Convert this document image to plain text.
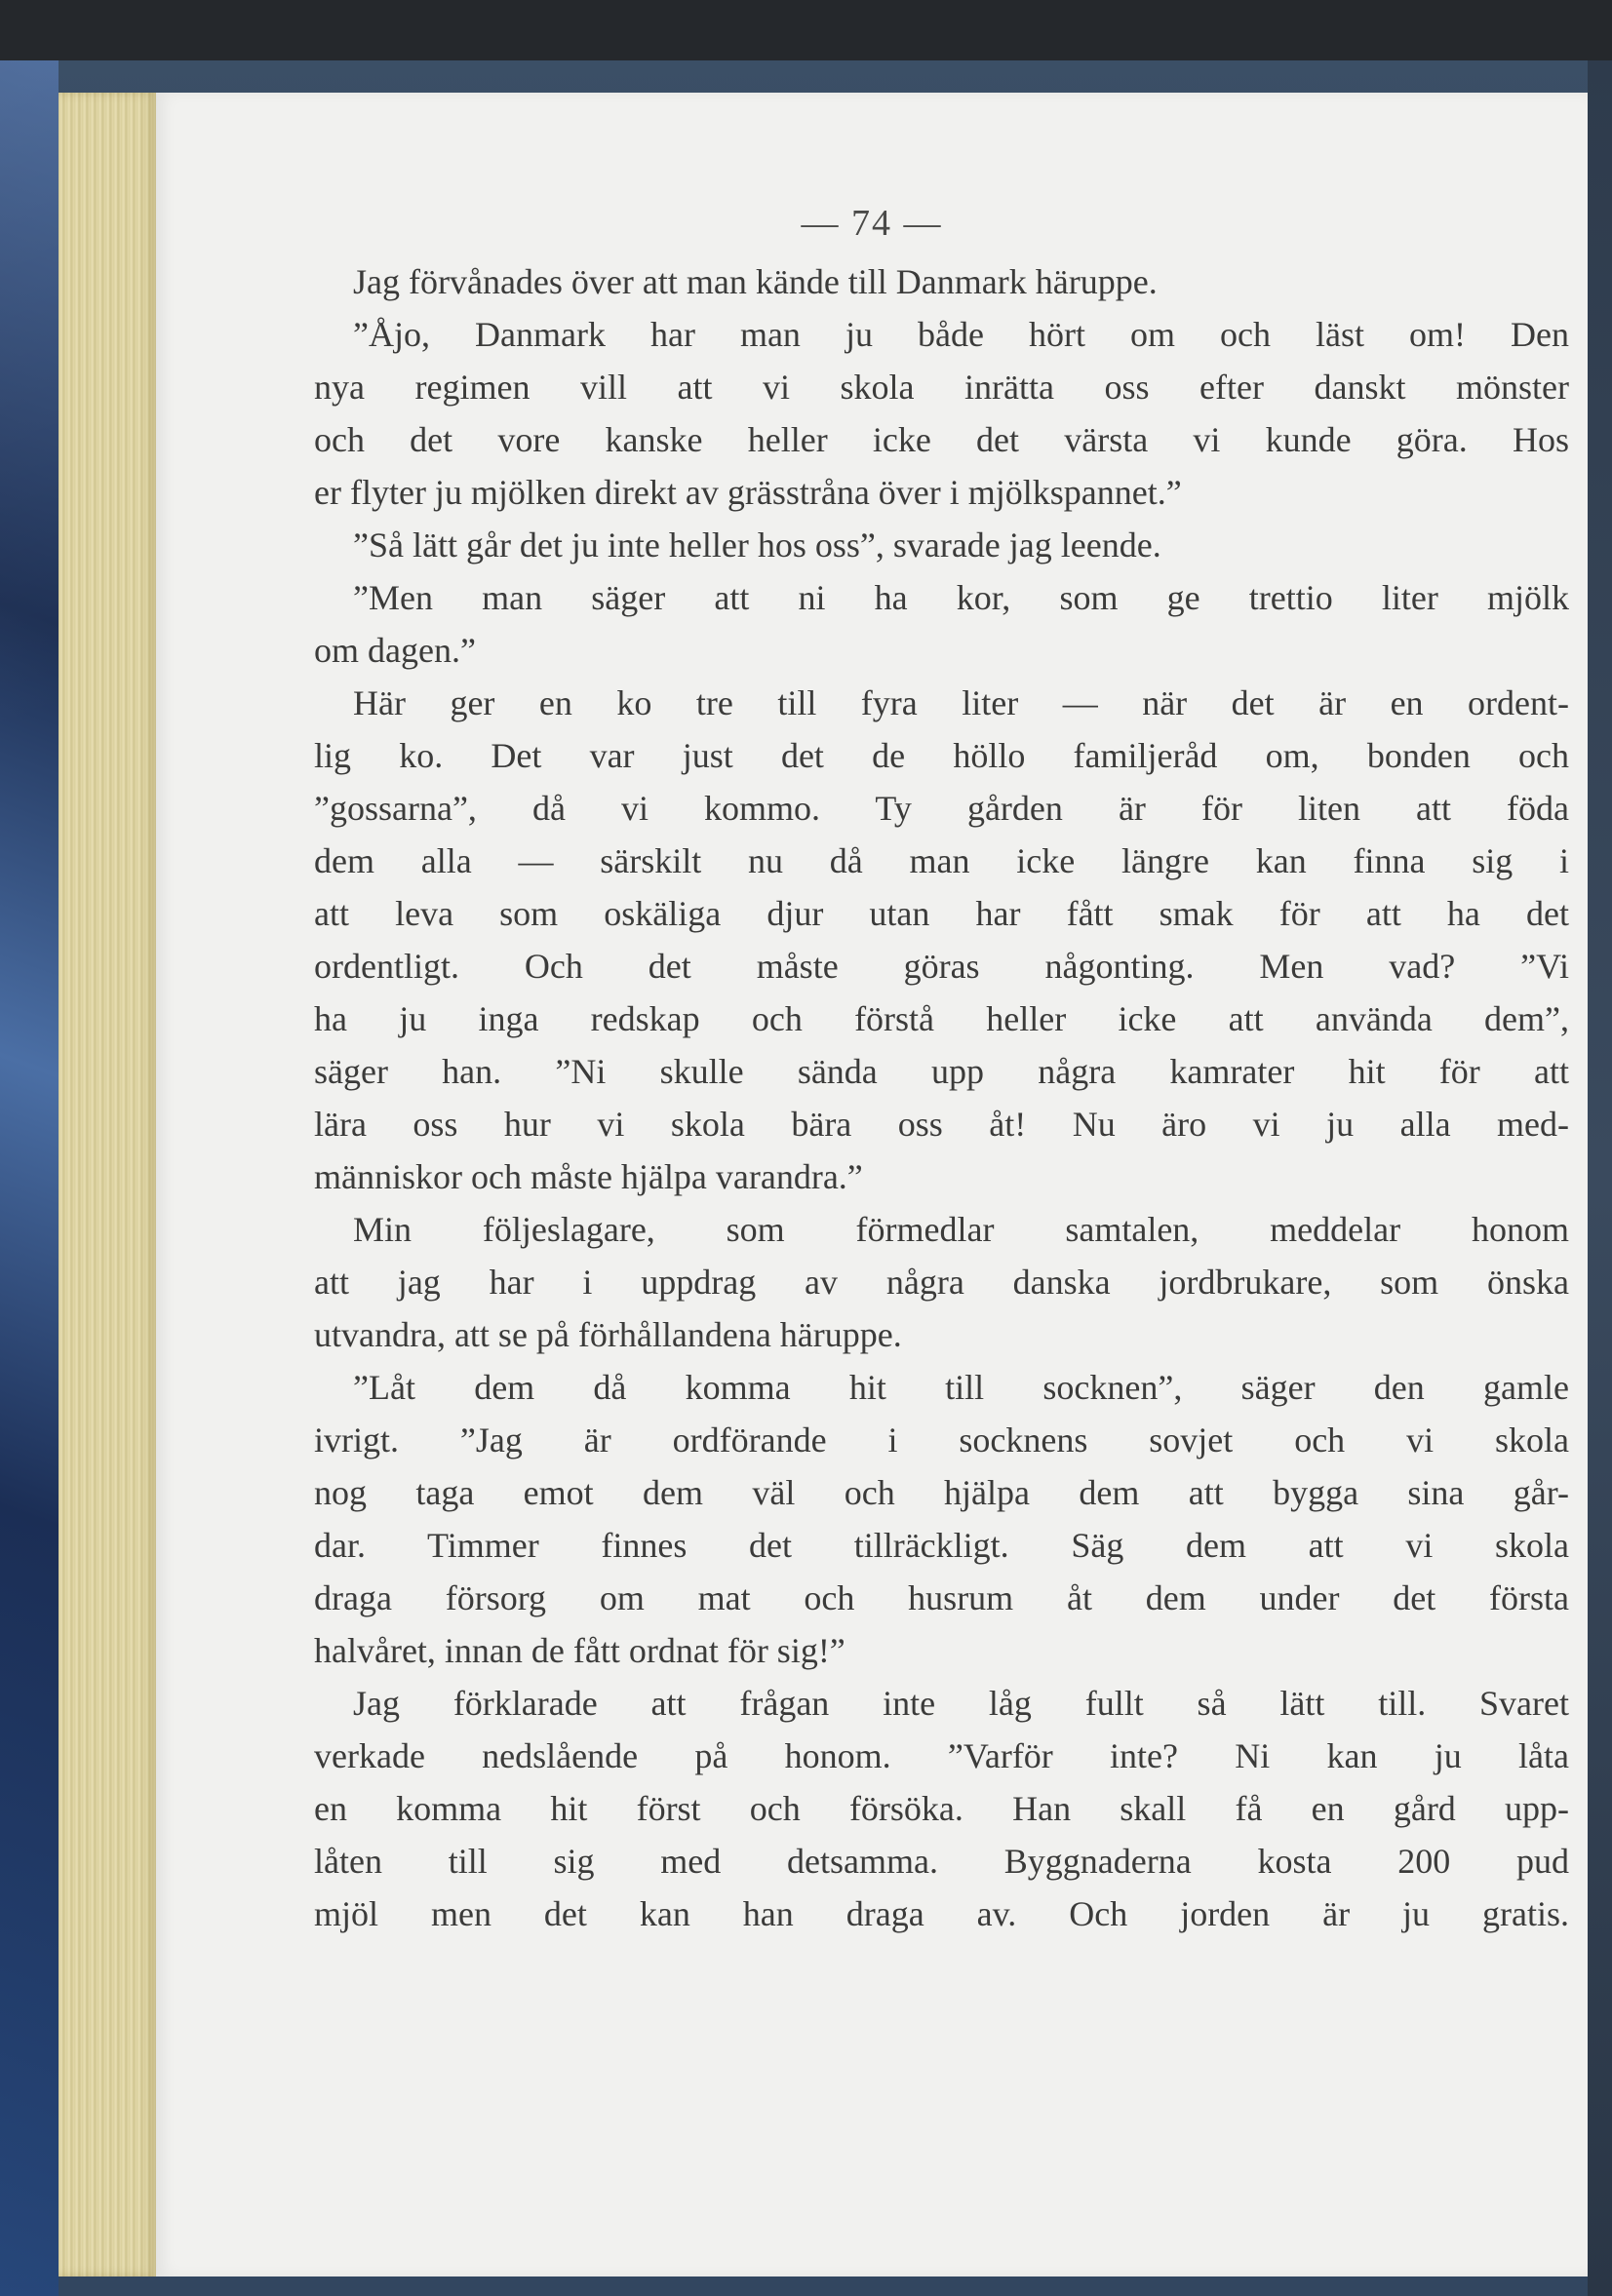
— 74 —
Jag förvånades över att man kände till Danmark häruppe.
”Åjo, Danmark har man ju både hört om och läst om! Den
nya regimen vill att vi skola inrätta oss efter danskt mönster
och det vore kanske heller icke det värsta vi kunde göra. Hos
er flyter ju mjölken direkt av grässtråna över i mjölkspannet.”
”Så lätt går det ju inte heller hos oss”, svarade jag leende.
”Men man säger att ni ha kor, som ge trettio liter mjölk
om dagen.”
Här ger en ko tre till fyra liter — när det är en ordent-
lig ko. Det var just det de höllo familjeråd om, bonden och
”gossarna”, då vi kommo. Ty gården är för liten att föda
dem alla — särskilt nu då man icke längre kan finna sig i
att leva som oskäliga djur utan har fått smak för att ha det
ordentligt. Och det måste göras någonting. Men vad? ”Vi
ha ju inga redskap och förstå heller icke att använda dem”,
säger han. ”Ni skulle sända upp några kamrater hit för att
lära oss hur vi skola bära oss åt! Nu äro vi ju alla med-
människor och måste hjälpa varandra.”
Min följeslagare, som förmedlar samtalen, meddelar honom
att jag har i uppdrag av några danska jordbrukare, som önska
utvandra, att se på förhållandena häruppe.
”Låt dem då komma hit till socknen”, säger den gamle
ivrigt. ”Jag är ordförande i socknens sovjet och vi skola
nog taga emot dem väl och hjälpa dem att bygga sina går-
dar. Timmer finnes det tillräckligt. Säg dem att vi skola
draga försorg om mat och husrum åt dem under det första
halvåret, innan de fått ordnat för sig!”
Jag förklarade att frågan inte låg fullt så lätt till. Svaret
verkade nedslående på honom. ”Varför inte? Ni kan ju låta
en komma hit först och försöka. Han skall få en gård upp-
låten till sig med detsamma. Byggnaderna kosta 200 pud
mjöl men det kan han draga av. Och jorden är ju gratis.
